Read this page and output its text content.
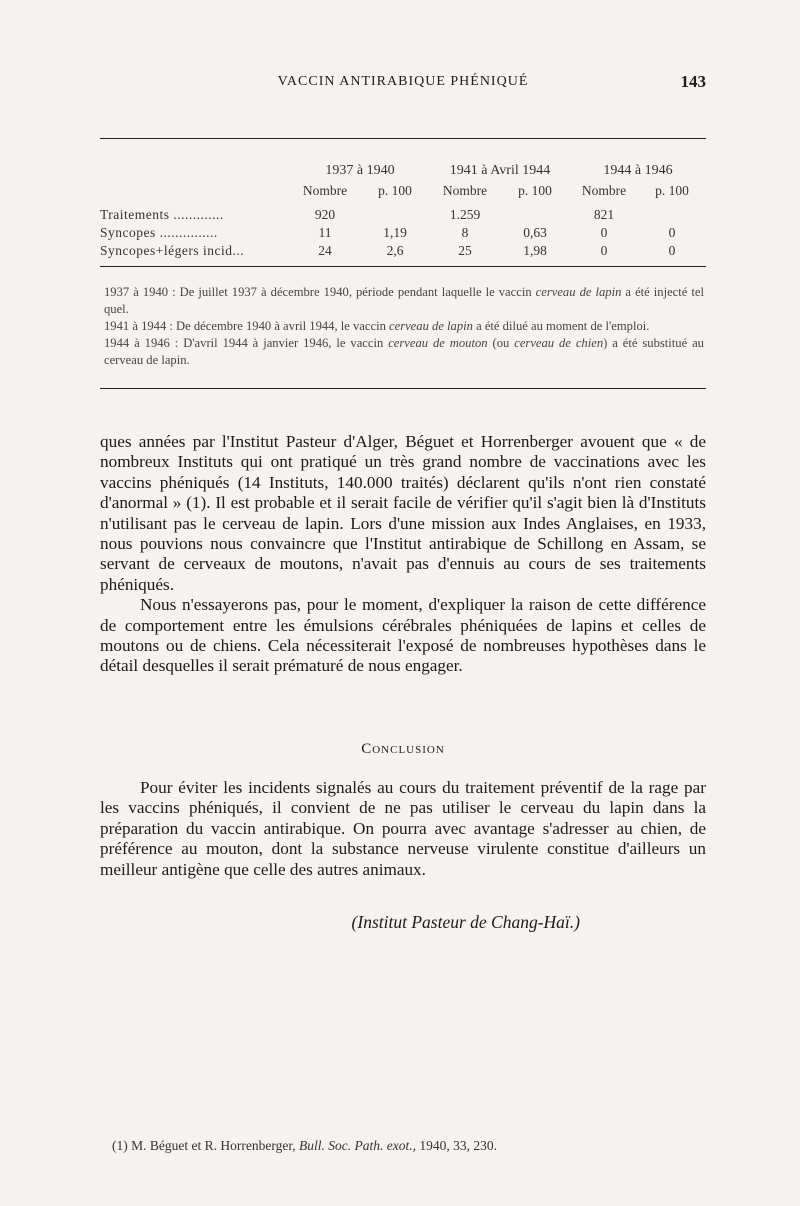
VACCIN ANTIRABIQUE PHÉNIQUÉ	143
	1937 à 1940		1941 à Avril 1944		1944 à 1946	
	Nombre	p. 100	Nombre	p. 100	Nombre	p. 100
Traitements .............	920		1.259		821	
Syncopes ...............	11	1,19	8	0,63	0	0
Syncopes+légers incid...	24	2,6	25	1,98	0	0

1937 à 1940 : De juillet 1937 à décembre 1940, période pendant laquelle le vaccin cerveau de lapin a été injecté tel quel.

1941 à 1944 : De décembre 1940 à avril 1944, le vaccin cerveau de lapin a été dilué au moment de l'emploi.

1944 à 1946 : D'avril 1944 à janvier 1946, le vaccin cerveau de mouton (ou cerveau de chien) a été substitué au cerveau de lapin.

ques années par l'Institut Pasteur d'Alger, Béguet et Horrenberger avouent que « de nombreux Instituts qui ont pratiqué un très grand nombre de vaccinations avec les vaccins phéniqués (14 Instituts, 140.000 traités) déclarent qu'ils n'ont rien constaté d'anormal » (1). Il est probable et il serait facile de vérifier qu'il s'agit bien là d'Instituts n'utilisant pas le cerveau de lapin. Lors d'une mission aux Indes Anglaises, en 1933, nous pouvions nous convaincre que l'Institut antirabique de Schillong en Assam, se servant de cerveaux de moutons, n'avait pas d'ennuis au cours de ses traitements phéniqués.

Nous n'essayerons pas, pour le moment, d'expliquer la raison de cette différence de comportement entre les émulsions cérébrales phéniquées de lapins et celles de moutons ou de chiens. Cela nécessiterait l'exposé de nombreuses hypothèses dans le détail desquelles il serait prématuré de nous engager.

Conclusion

Pour éviter les incidents signalés au cours du traitement préventif de la rage par les vaccins phéniqués, il convient de ne pas utiliser le cerveau du lapin dans la préparation du vaccin antirabique. On pourra avec avantage s'adresser au chien, de préférence au mouton, dont la substance nerveuse virulente constitue d'ailleurs un meilleur antigène que celle des autres animaux.

(Institut Pasteur de Chang-Haï.)
(1) M. Béguet et R. Horrenberger, Bull. Soc. Path. exot., 1940, 33, 230.
